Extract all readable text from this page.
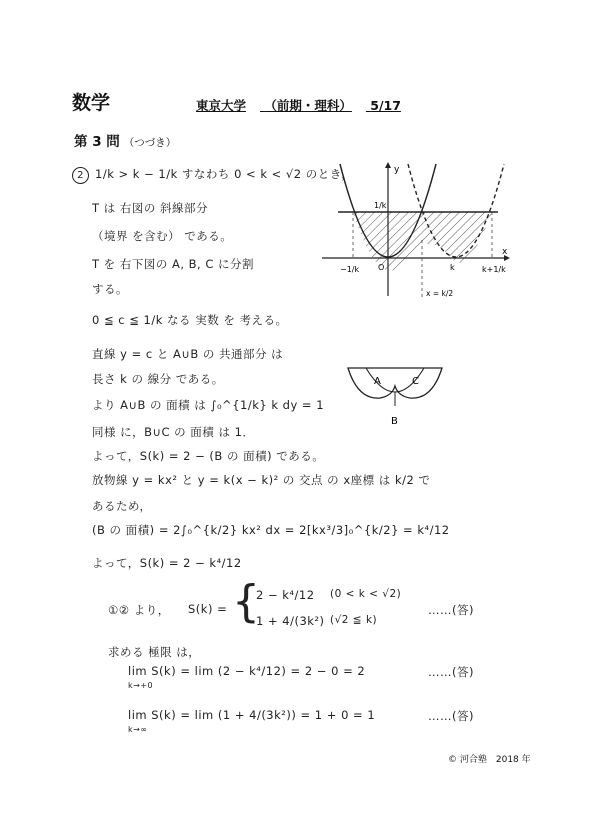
数学	東京大学 （前期・理科） 5/17
第 3 問 （つづき）
2 1/k > k − 1/k すなわち 0 < k < √2 のとき，
T は 右図の 斜線部分
（境界 を含む） である。
T を 右下図の A, B, C に分割
する。
0 ≦ c ≦ 1/k なる 実数 を 考える。
直線 y = c と A∪B の 共通部分 は
長さ k の 線分 である。
より A∪B の 面積 は ∫₀^{1/k} k dy = 1
同様 に，B∪C の 面積 は 1．
よって，S(k) = 2 − (B の 面積) である。
放物線 y = kx² と y = k(x − k)² の 交点 の x座標 は k/2 で
あるため，
(B の 面積) = 2∫₀^{k/2} kx² dx = 2[kx³/3]₀^{k/2} = k⁴/12
よって，S(k) = 2 − k⁴/12
①② より， S(k) = {
2 − k⁴/12 (0 < k < √2)
1 + 4/(3k²) (√2 ≦ k)
……(答)
求める 極限 は，
lim S(k) = lim (2 − k⁴/12) = 2 − 0 = 2
k→+0
……(答)
lim S(k) = lim (1 + 4/(3k²)) = 1 + 0 = 1
k→∞
……(答)
y
x
1/k
O
−1/k	k	k+1/k
x = k/2
A	C
B
© 河合塾　2018 年
